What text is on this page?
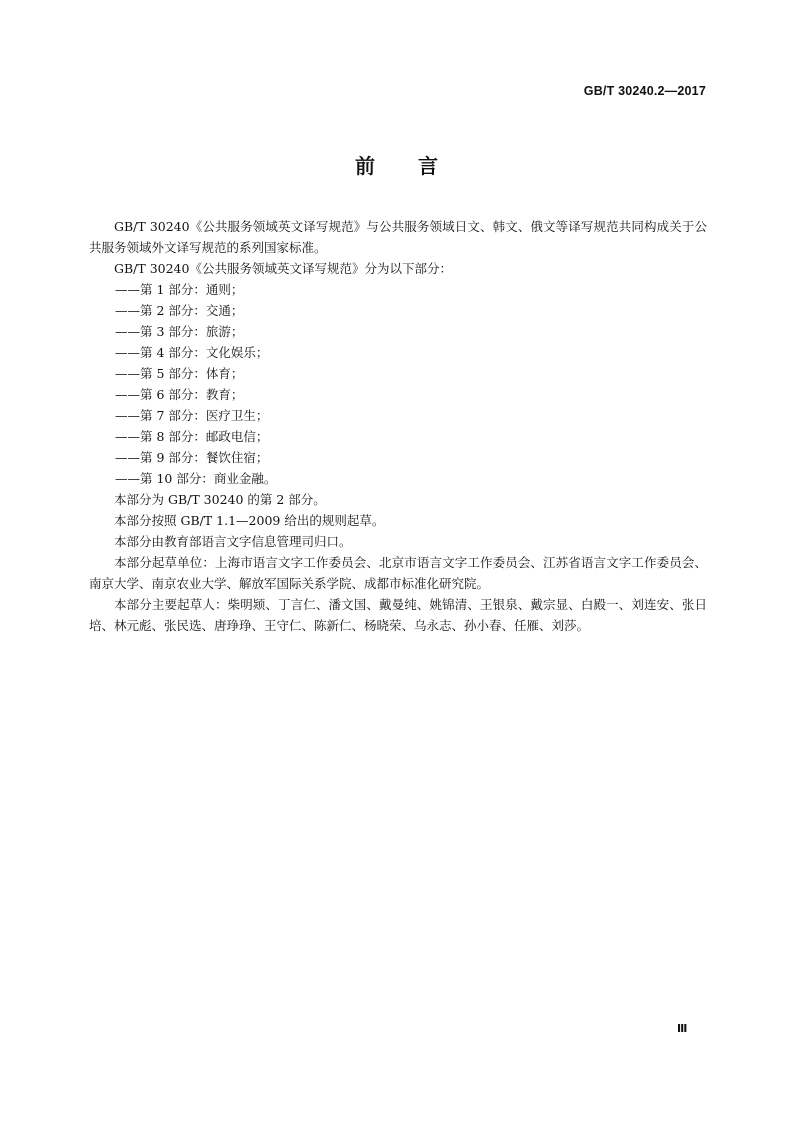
GB/T 30240.2—2017
前　　言

GB/T 30240《公共服务领域英文译写规范》与公共服务领域日文、韩文、俄文等译写规范共同构成关于公共服务领域外文译写规范的系列国家标准。

GB/T 30240《公共服务领域英文译写规范》分为以下部分：

——第 1 部分：通则；

——第 2 部分：交通；

——第 3 部分：旅游；

——第 4 部分：文化娱乐；

——第 5 部分：体育；

——第 6 部分：教育；

——第 7 部分：医疗卫生；

——第 8 部分：邮政电信；

——第 9 部分：餐饮住宿；

——第 10 部分：商业金融。

本部分为 GB/T 30240 的第 2 部分。

本部分按照 GB/T 1.1—2009 给出的规则起草。

本部分由教育部语言文字信息管理司归口。

本部分起草单位：上海市语言文字工作委员会、北京市语言文字工作委员会、江苏省语言文字工作委员会、南京大学、南京农业大学、解放军国际关系学院、成都市标准化研究院。

本部分主要起草人：柴明颎、丁言仁、潘文国、戴曼纯、姚锦清、王银泉、戴宗显、白殿一、刘连安、张日培、林元彪、张民选、唐琤琤、王守仁、陈新仁、杨晓荣、乌永志、孙小春、任雁、刘莎。

Ⅲ
